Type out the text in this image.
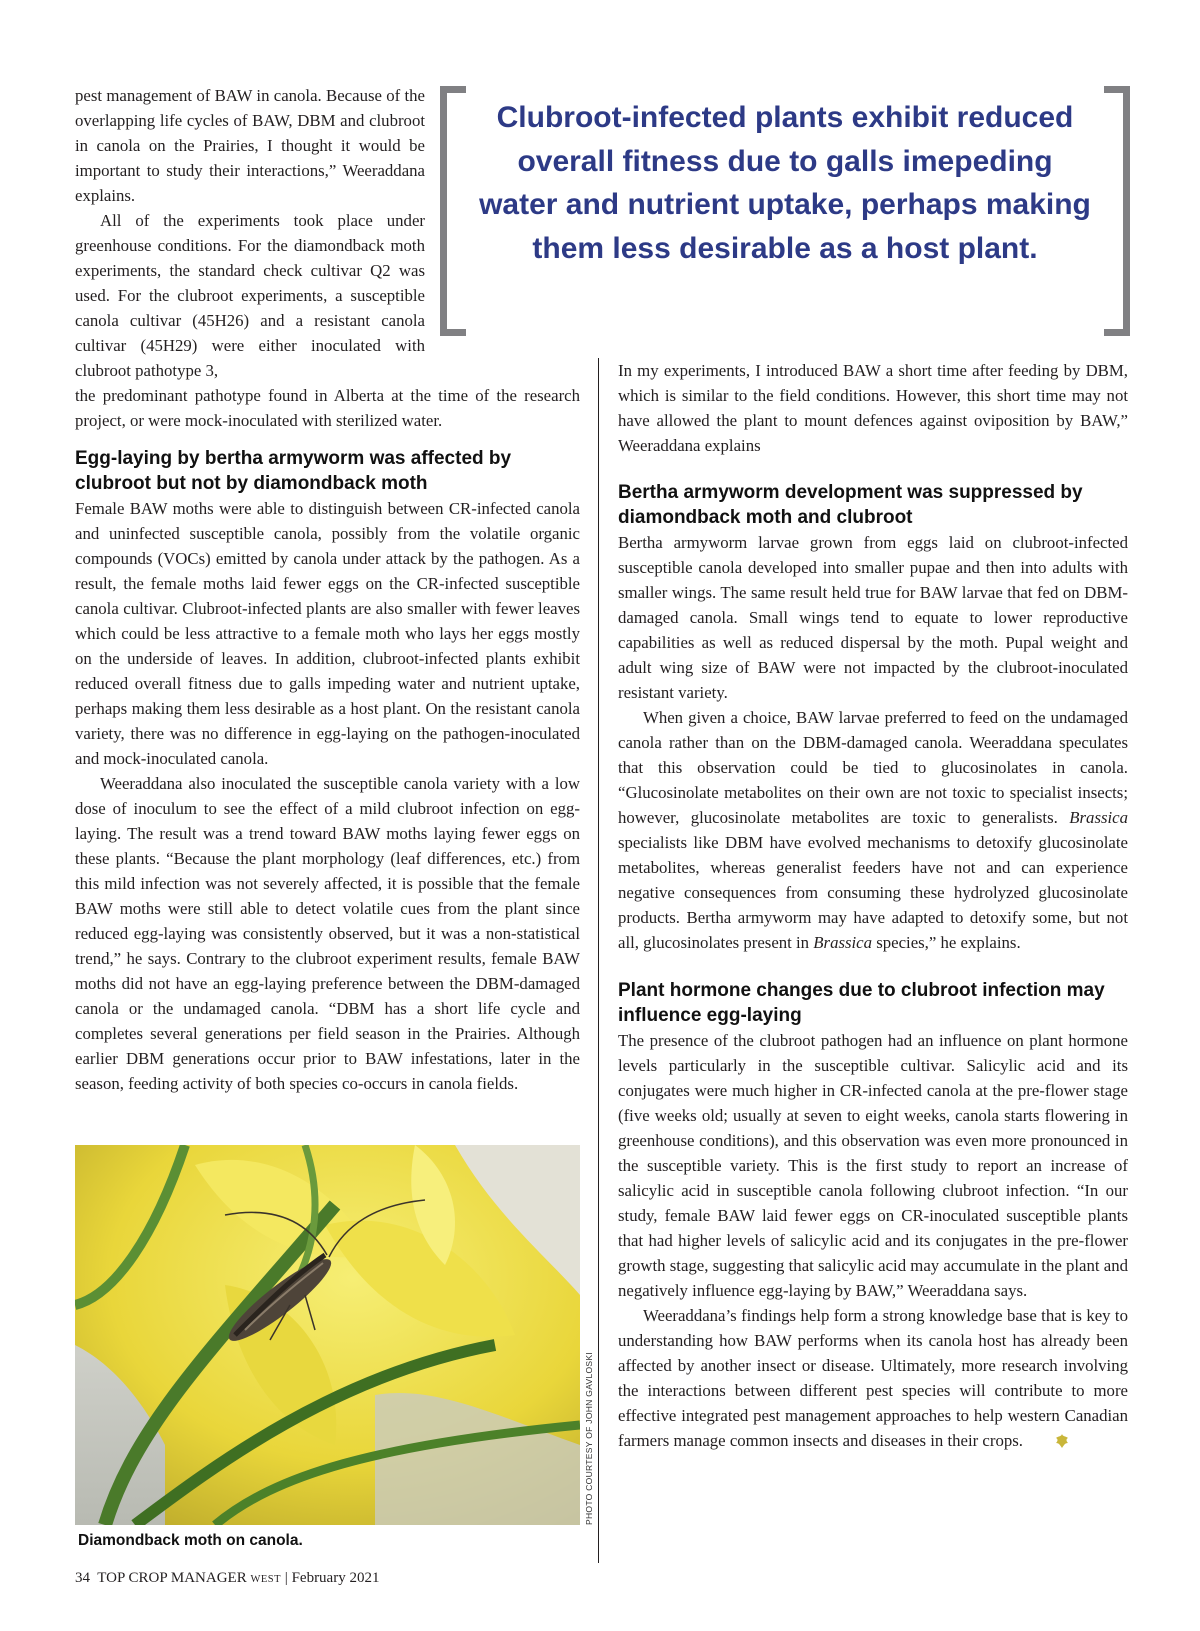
Clubroot-infected plants exhibit reduced overall fitness due to galls imepeding water and nutrient uptake, perhaps making them less desirable as a host plant.

pest management of BAW in canola. Because of the overlapping life cycles of BAW, DBM and clubroot in canola on the Prairies, I thought it would be important to study their interactions,” Weeraddana explains.

All of the experiments took place under greenhouse conditions. For the diamondback moth experiments, the standard check cultivar Q2 was used. For the clubroot experiments, a susceptible canola cultivar (45H26) and a resistant canola cultivar (45H29) were either inoculated with clubroot pathotype 3,

the predominant pathotype found in Alberta at the time of the research project, or were mock-inoculated with sterilized water.

Egg-laying by bertha armyworm was affected by clubroot but not by diamondback moth

Female BAW moths were able to distinguish between CR-infected canola and uninfected susceptible canola, possibly from the volatile organic compounds (VOCs) emitted by canola under attack by the pathogen. As a result, the female moths laid fewer eggs on the CR-infected susceptible canola cultivar. Clubroot-infected plants are also smaller with fewer leaves which could be less attractive to a female moth who lays her eggs mostly on the underside of leaves. In addition, clubroot-infected plants exhibit reduced overall fitness due to galls impeding water and nutrient uptake, perhaps making them less desirable as a host plant. On the resistant canola variety, there was no difference in egg-laying on the pathogen-inoculated and mock-inoculated canola.

Weeraddana also inoculated the susceptible canola variety with a low dose of inoculum to see the effect of a mild clubroot infection on egg-laying. The result was a trend toward BAW moths laying fewer eggs on these plants. “Because the plant morphology (leaf differences, etc.) from this mild infection was not severely affected, it is possible that the female BAW moths were still able to detect volatile cues from the plant since reduced egg-laying was consistently observed, but it was a non-statistical trend,” he says. Contrary to the clubroot experiment results, female BAW moths did not have an egg-laying preference between the DBM-damaged canola or the undamaged canola. “DBM has a short life cycle and completes several generations per field season in the Prairies. Although earlier DBM generations occur prior to BAW infestations, later in the season, feeding activity of both species co-occurs in canola fields.

In my experiments, I introduced BAW a short time after feeding by DBM, which is similar to the field conditions. However, this short time may not have allowed the plant to mount defences against oviposition by BAW,” Weeraddana explains

Bertha armyworm development was suppressed by diamondback moth and clubroot

Bertha armyworm larvae grown from eggs laid on clubroot-infected susceptible canola developed into smaller pupae and then into adults with smaller wings. The same result held true for BAW larvae that fed on DBM-damaged canola. Small wings tend to equate to lower reproductive capabilities as well as reduced dispersal by the moth. Pupal weight and adult wing size of BAW were not impacted by the clubroot-inoculated resistant variety.

When given a choice, BAW larvae preferred to feed on the undamaged canola rather than on the DBM-damaged canola. Weeraddana speculates that this observation could be tied to glucosinolates in canola. “Glucosinolate metabolites on their own are not toxic to specialist insects; however, glucosinolate metabolites are toxic to generalists. Brassica specialists like DBM have evolved mechanisms to detoxify glucosinolate metabolites, whereas generalist feeders have not and can experience negative consequences from consuming these hydrolyzed glucosinolate products. Bertha armyworm may have adapted to detoxify some, but not all, glucosinolates present in Brassica species,” he explains.

Plant hormone changes due to clubroot infection may influence egg-laying

The presence of the clubroot pathogen had an influence on plant hormone levels particularly in the susceptible cultivar. Salicylic acid and its conjugates were much higher in CR-infected canola at the pre-flower stage (five weeks old; usually at seven to eight weeks, canola starts flowering in greenhouse conditions), and this observation was even more pronounced in the susceptible variety. This is the first study to report an increase of salicylic acid in susceptible canola following clubroot infection. “In our study, female BAW laid fewer eggs on CR-inoculated susceptible plants that had higher levels of salicylic acid and its conjugates in the pre-flower growth stage, suggesting that salicylic acid may accumulate in the plant and negatively influence egg-laying by BAW,” Weeraddana says.

Weeraddana’s findings help form a strong knowledge base that is key to understanding how BAW performs when its canola host has already been affected by another insect or disease. Ultimately, more research involving the interactions between different pest species will contribute to more effective integrated pest management approaches to help western Canadian farmers manage common insects and diseases in their crops.

PHOTO COURTESY OF JOHN GAVLOSKI
Diamondback moth on canola.
34 TOP CROP MANAGER WEST | February 2021
